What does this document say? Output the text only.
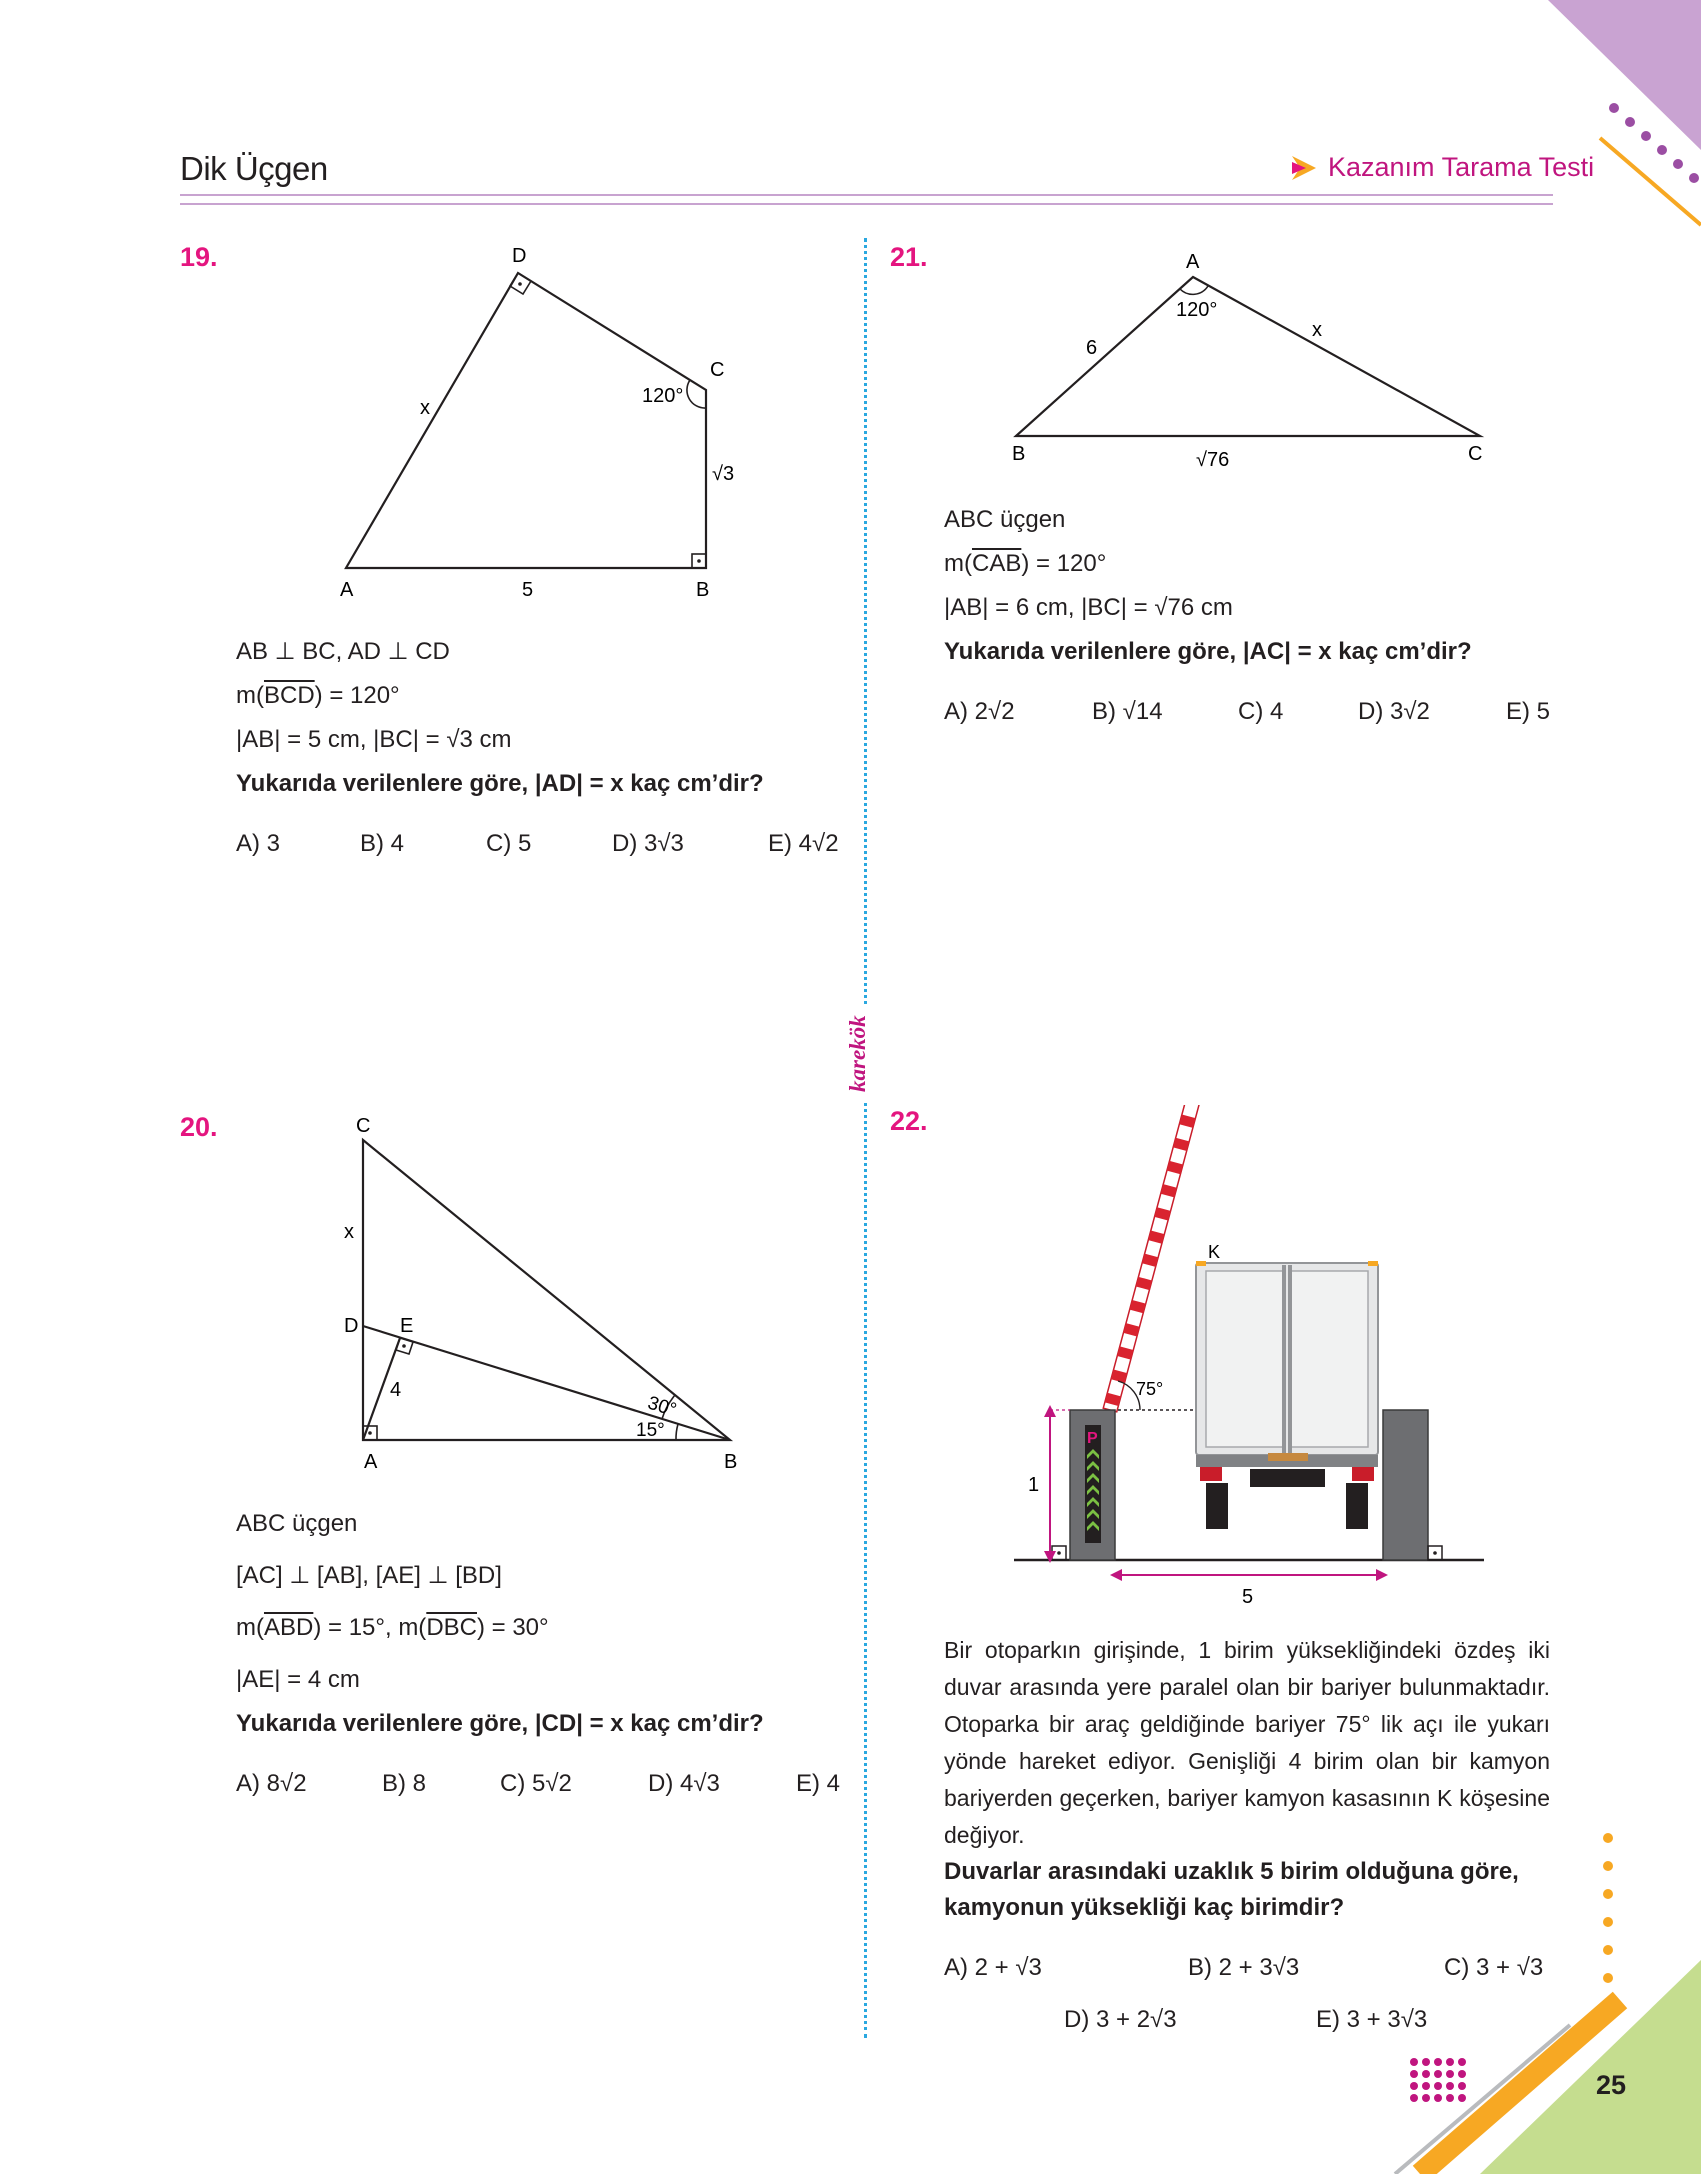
Dik Üçgen	Kazanım Tarama Testi
karekök
19.
A	B
C
D
x
5
√3
120°
AB ⊥ BC, AD ⊥ CD
$m(\overline{BCD}) = 120^\circ$
|AB| = 5 cm, |BC| = √3 cm
Yukarıda verilenlere göre, |AD| = x kaç cm’dir?
A) 3	B) 4	C) 5	D) 3√3	E) 4√2
20.	C
D E
A	B
x
4
30°
15°
ABC üçgen
[AC] ⊥ [AB], [AE] ⊥ [BD]
$m(\overline{ABD}) = 15^\circ$, $m(\overline{DBC}) = 30^\circ$
|AE| = 4 cm
Yukarıda verilenlere göre, |CD| = x kaç cm’dir?
A) 8√2	B) 8	C) 5√2	D) 4√3	E) 4
21.	A
B	C
120°
6
x
√76
ABC üçgen
$m(\overline{CAB}) = 120^\circ$
|AB| = 6 cm, |BC| = √76 cm
Yukarıda verilenlere göre, |AC| = x kaç cm’dir?
A) 2√2	B) √14	C) 4	D) 3√2	E) 5
22.
P
75°
K
1
5
Bir otoparkın girişinde, 1 birim yüksekliğindeki özdeş iki duvar arasında yere paralel olan bir bariyer bulunmaktadır. Otoparka bir araç geldiğinde bariyer 75° lik açı ile yukarı yönde hareket ediyor. Genişliği 4 birim olan bir kamyon bariyerden geçerken, bariyer kamyon kasasının K köşesine değiyor.
Duvarlar arasındaki uzaklık 5 birim olduğuna göre,
kamyonun yüksekliği kaç birimdir?
A) 2 + √3	B) 2 + 3√3	C) 3 + √3
D) 3 + 2√3	E) 3 + 3√3
25
